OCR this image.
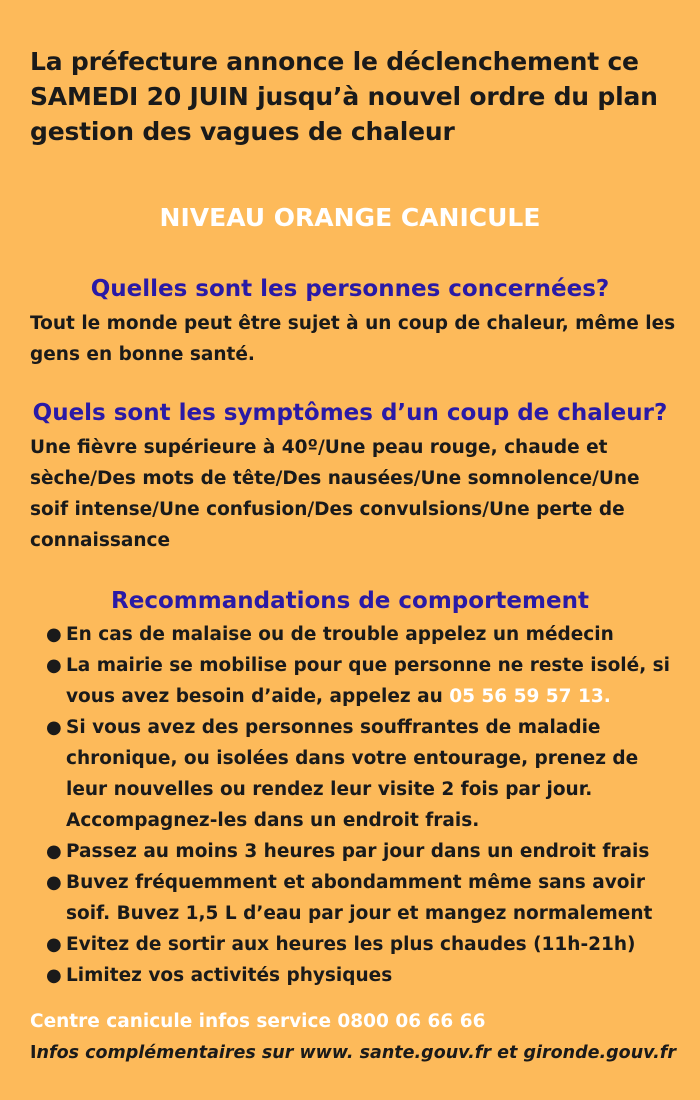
La préfecture annonce le déclenchement ce SAMEDI 20 JUIN jusqu’à nouvel ordre du plan gestion des vagues de chaleur
NIVEAU ORANGE CANICULE
Quelles sont les personnes concernées?
Tout le monde peut être sujet à un coup de chaleur, même les gens en bonne santé.
Quels sont les symptômes d’un coup de chaleur?
Une fièvre supérieure à 40º/Une peau rouge, chaude et sèche/Des mots de tête/Des nausées/Une somnolence/Une soif intense/Une confusion/Des convulsions/Une perte de connaissance
Recommandations de comportement
● En cas de malaise ou de trouble appelez un médecin
● La mairie se mobilise pour que personne ne reste isolé, si vous avez besoin d’aide, appelez au 05 56 59 57 13.
● Si vous avez des personnes souffrantes de maladie chronique, ou isolées dans votre entourage, prenez de leur nouvelles ou rendez leur visite 2 fois par jour. Accompagnez-les dans un endroit frais.
● Passez au moins 3 heures par jour dans un endroit frais
● Buvez fréquemment et abondamment même sans avoir soif. Buvez 1,5 L d’eau par jour et mangez normalement
● Evitez de sortir aux heures les plus chaudes (11h-21h)
● Limitez vos activités physiques
Centre canicule infos service 0800 06 66 66
Infos complémentaires sur www. sante.gouv.fr et gironde.gouv.fr
